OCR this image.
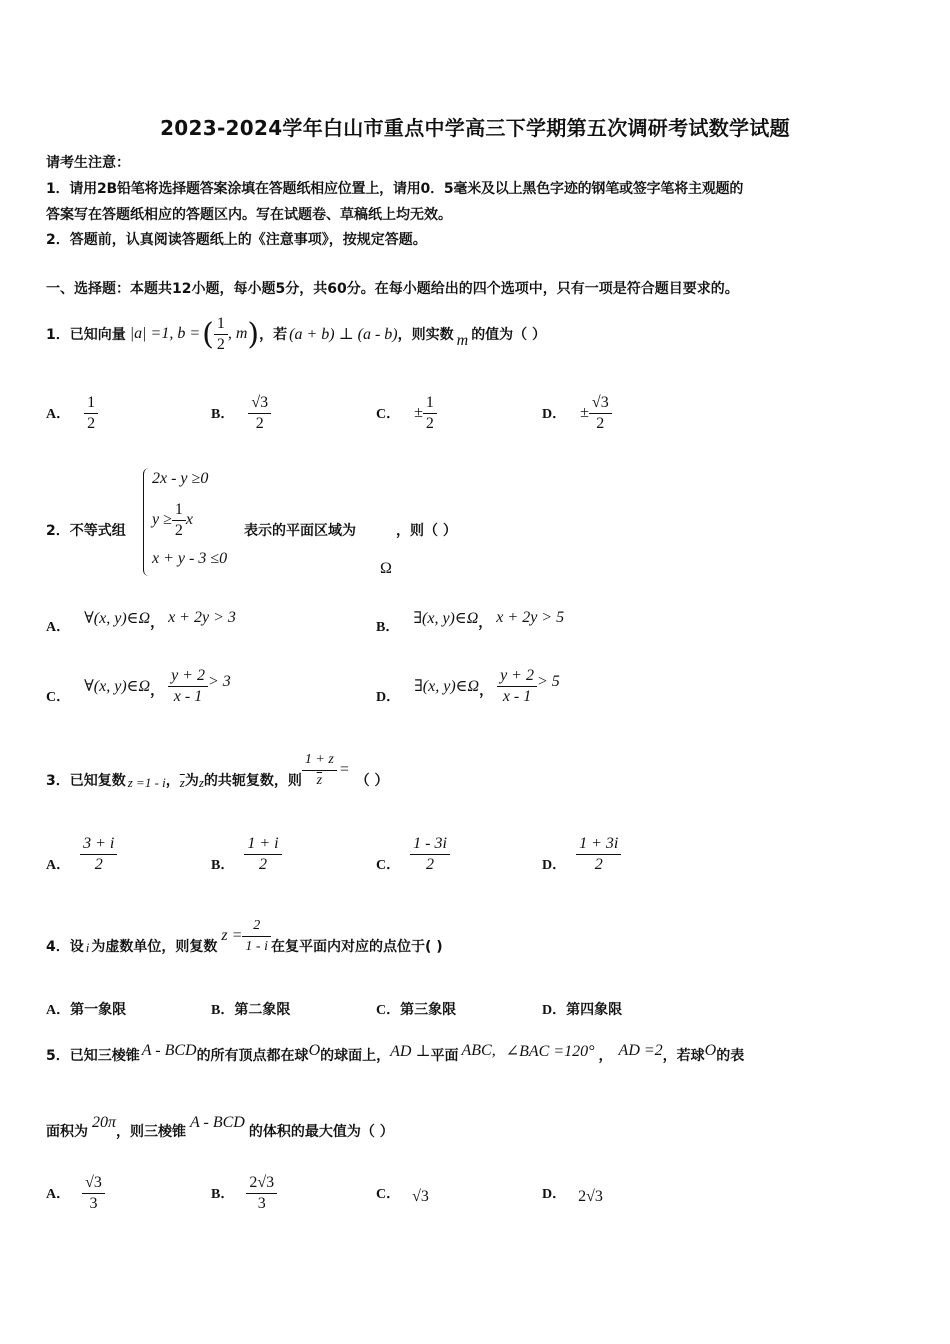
2023-2024学年白山市重点中学高三下学期第五次调研考试数学试题
请考生注意：
1．请用2B铅笔将选择题答案涂填在答题纸相应位置上，请用0．5毫米及以上黑色字迹的钢笔或签字笔将主观题的
答案写在答题纸相应的答题区内。写在试题卷、草稿纸上均无效。
2．答题前，认真阅读答题纸上的《注意事项》，按规定答题。
一、选择题：本题共12小题，每小题5分，共60分。在每小题给出的四个选项中，只有一项是符合题目要求的。
1．已知向量 |a| =1, b = ( $\frac{1}{2}$ , m ) ，若 (a + b) ⊥ (a - b) ，则实数 m 的值为（ ）
A． $\frac{1}{2}$	B． $\frac{√3}{2}$	C． ± $\frac{1}{2}$	D． ± $\frac{√3}{2}$
2．不等式组
2x - y ≥0
$y \ge \frac{1}{2}$ x
x + y - 3 ≤0
表示的平面区域为	，则（ ）
Ω
A．
∀(x, y)∈Ω ， x + 2y > 3
B．
∃(x, y)∈Ω ， x + 2y > 5
C．
∀(x, y)∈Ω ， $\frac{y + 2}{x - 1} > 3$
D．
∃(x, y)∈Ω ， $\frac{y + 2}{x - 1} > 5$
3．已知复数 z =1 - i ， $\overline{z}$ 为 z 的共轭复数，则 $\frac{1 + z}{z}$ =
（ ）
A． $\frac{3 + i}{2}$	B． $\frac{1 + i}{2}$	C． $\frac{1 - 3i}{2}$	D． $\frac{1 + 3i}{2}$
4．设 i 为虚数单位，则复数
$z = \frac{2}{1 - i}$ 在复平面内对应的点位于( )
A．第一象限	B．第二象限	C．第三象限	D．第四象限
5．已知三棱锥 A - BCD 的所有顶点都在球 O 的球面上， AD ⊥ 平面 ABC, ∠BAC =120° ， AD =2 ，若球 O 的表
面积为
20π
，则三棱锥
A - BCD
的体积的最大值为（ ）
A． $\frac{√3}{3}$	B． $\frac{2√3}{3}$	C． √3	D． 2√3
